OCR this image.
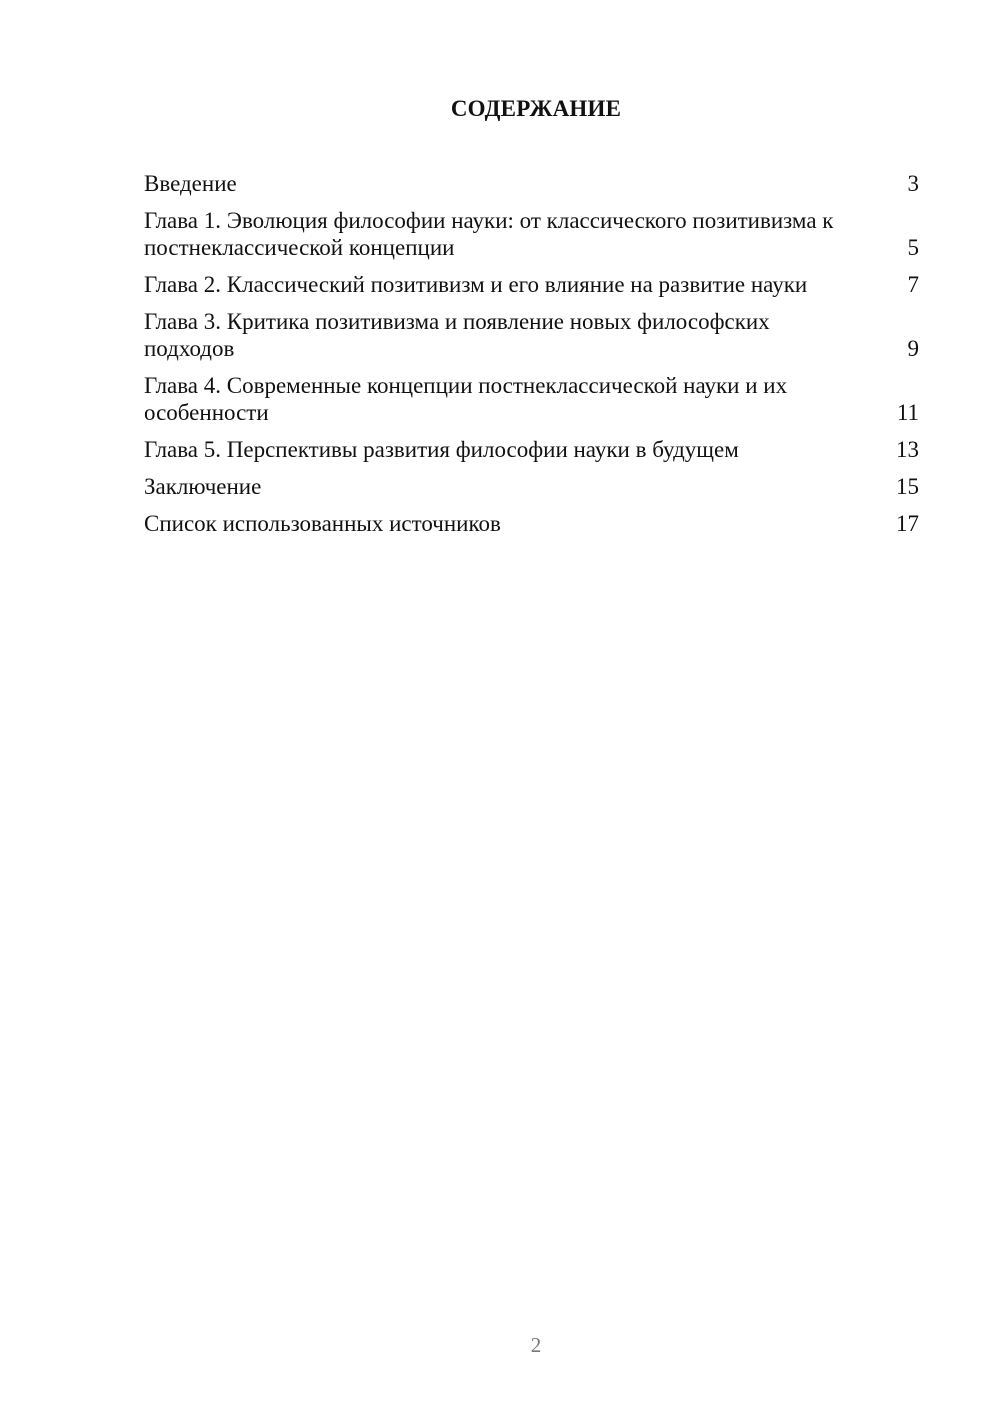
СОДЕРЖАНИЕ
Введение	3
Глава 1. Эволюция философии науки: от классического позитивизма к постнеклассической концепции	5
Глава 2. Классический позитивизм и его влияние на развитие науки	7
Глава 3. Критика позитивизма и появление новых философских подходов	9
Глава 4. Современные концепции постнеклассической науки и их особенности	11
Глава 5. Перспективы развития философии науки в будущем	13
Заключение	15
Список использованных источников	17
2
